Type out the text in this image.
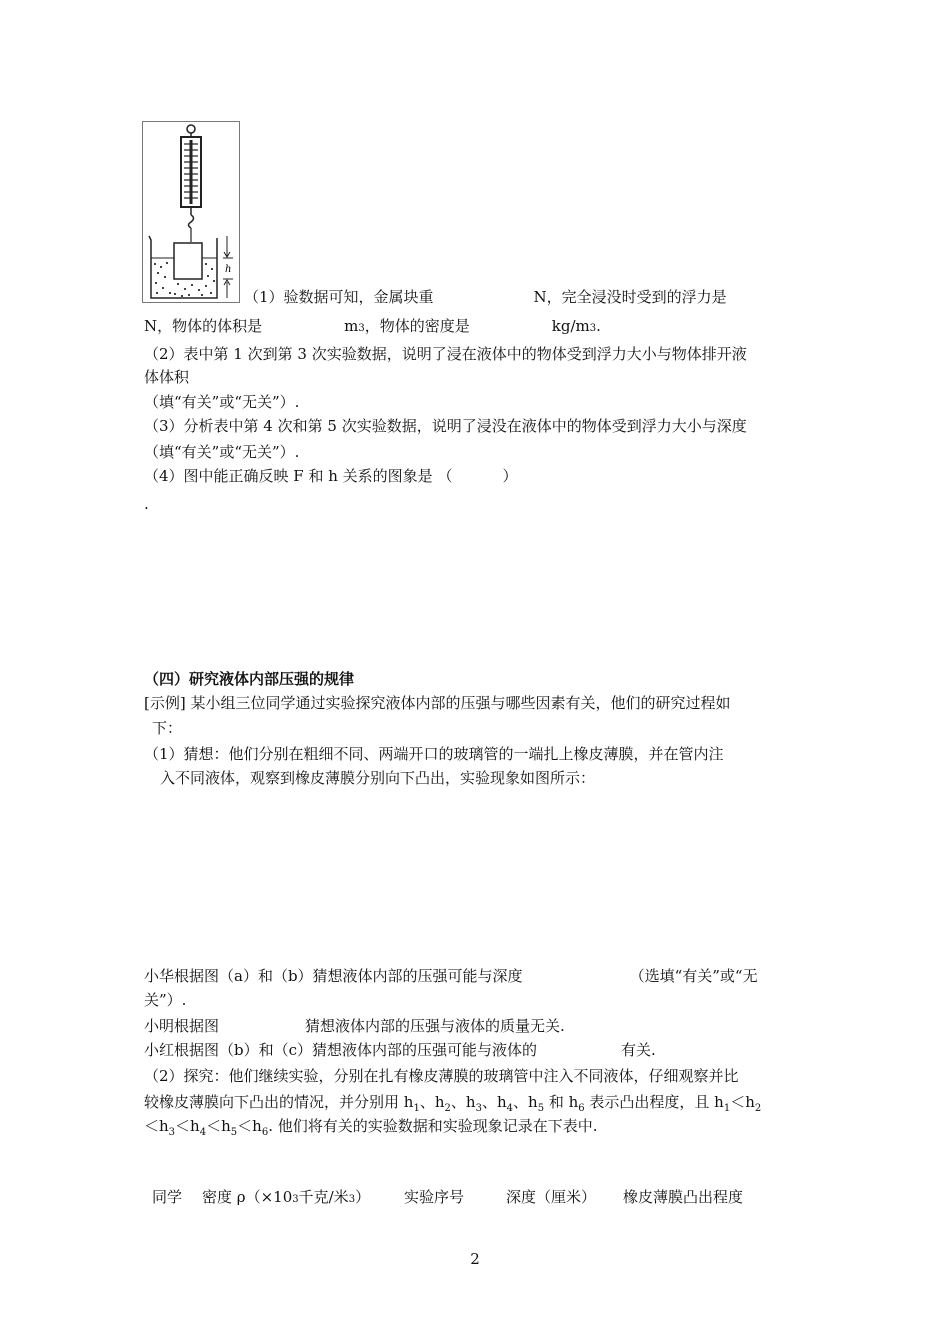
h
（1）验数据可知，金属块重	N，完全浸没时受到的浮力是
N，物体的体积是	m3，物体的密度是	kg/m3.
（2）表中第 1 次到第 3 次实验数据，说明了浸在液体中的物体受到浮力大小与物体排开液
体体积
（填“有关”或“无关”）.
（3）分析表中第 4 次和第 5 次实验数据，说明了浸没在液体中的物体受到浮力大小与深度
（填“有关”或“无关”）.
（4）图中能正确反映 F 和 h 关系的图象是 （	）
.
（四）研究液体内部压强的规律
[示例] 某小组三位同学通过实验探究液体内部的压强与哪些因素有关，他们的研究过程如
下：
（1）猜想：他们分别在粗细不同、两端开口的玻璃管的一端扎上橡皮薄膜，并在管内注
入不同液体，观察到橡皮薄膜分别向下凸出，实验现象如图所示：
小华根据图（a）和（b）猜想液体内部的压强可能与深度	（选填“有关”或“无
关”）.
小明根据图	猜想液体内部的压强与液体的质量无关.
小红根据图（b）和（c）猜想液体内部的压强可能与液体的	有关.
（2）探究：他们继续实验，分别在扎有橡皮薄膜的玻璃管中注入不同液体，仔细观察并比
较橡皮薄膜向下凸出的情况，并分别用 $h_1$、$h_2$、$h_3$、$h_4$、$h_5$ 和 $h_6$ 表示凸出程度，且 $h_1<h_2$
$<h_3<h_4<h_5<h_6$. 他们将有关的实验数据和实验现象记录在下表中.
同学 密度 ρ（×103千克/米3） 实验序号	深度（厘米） 橡皮薄膜凸出程度
2
